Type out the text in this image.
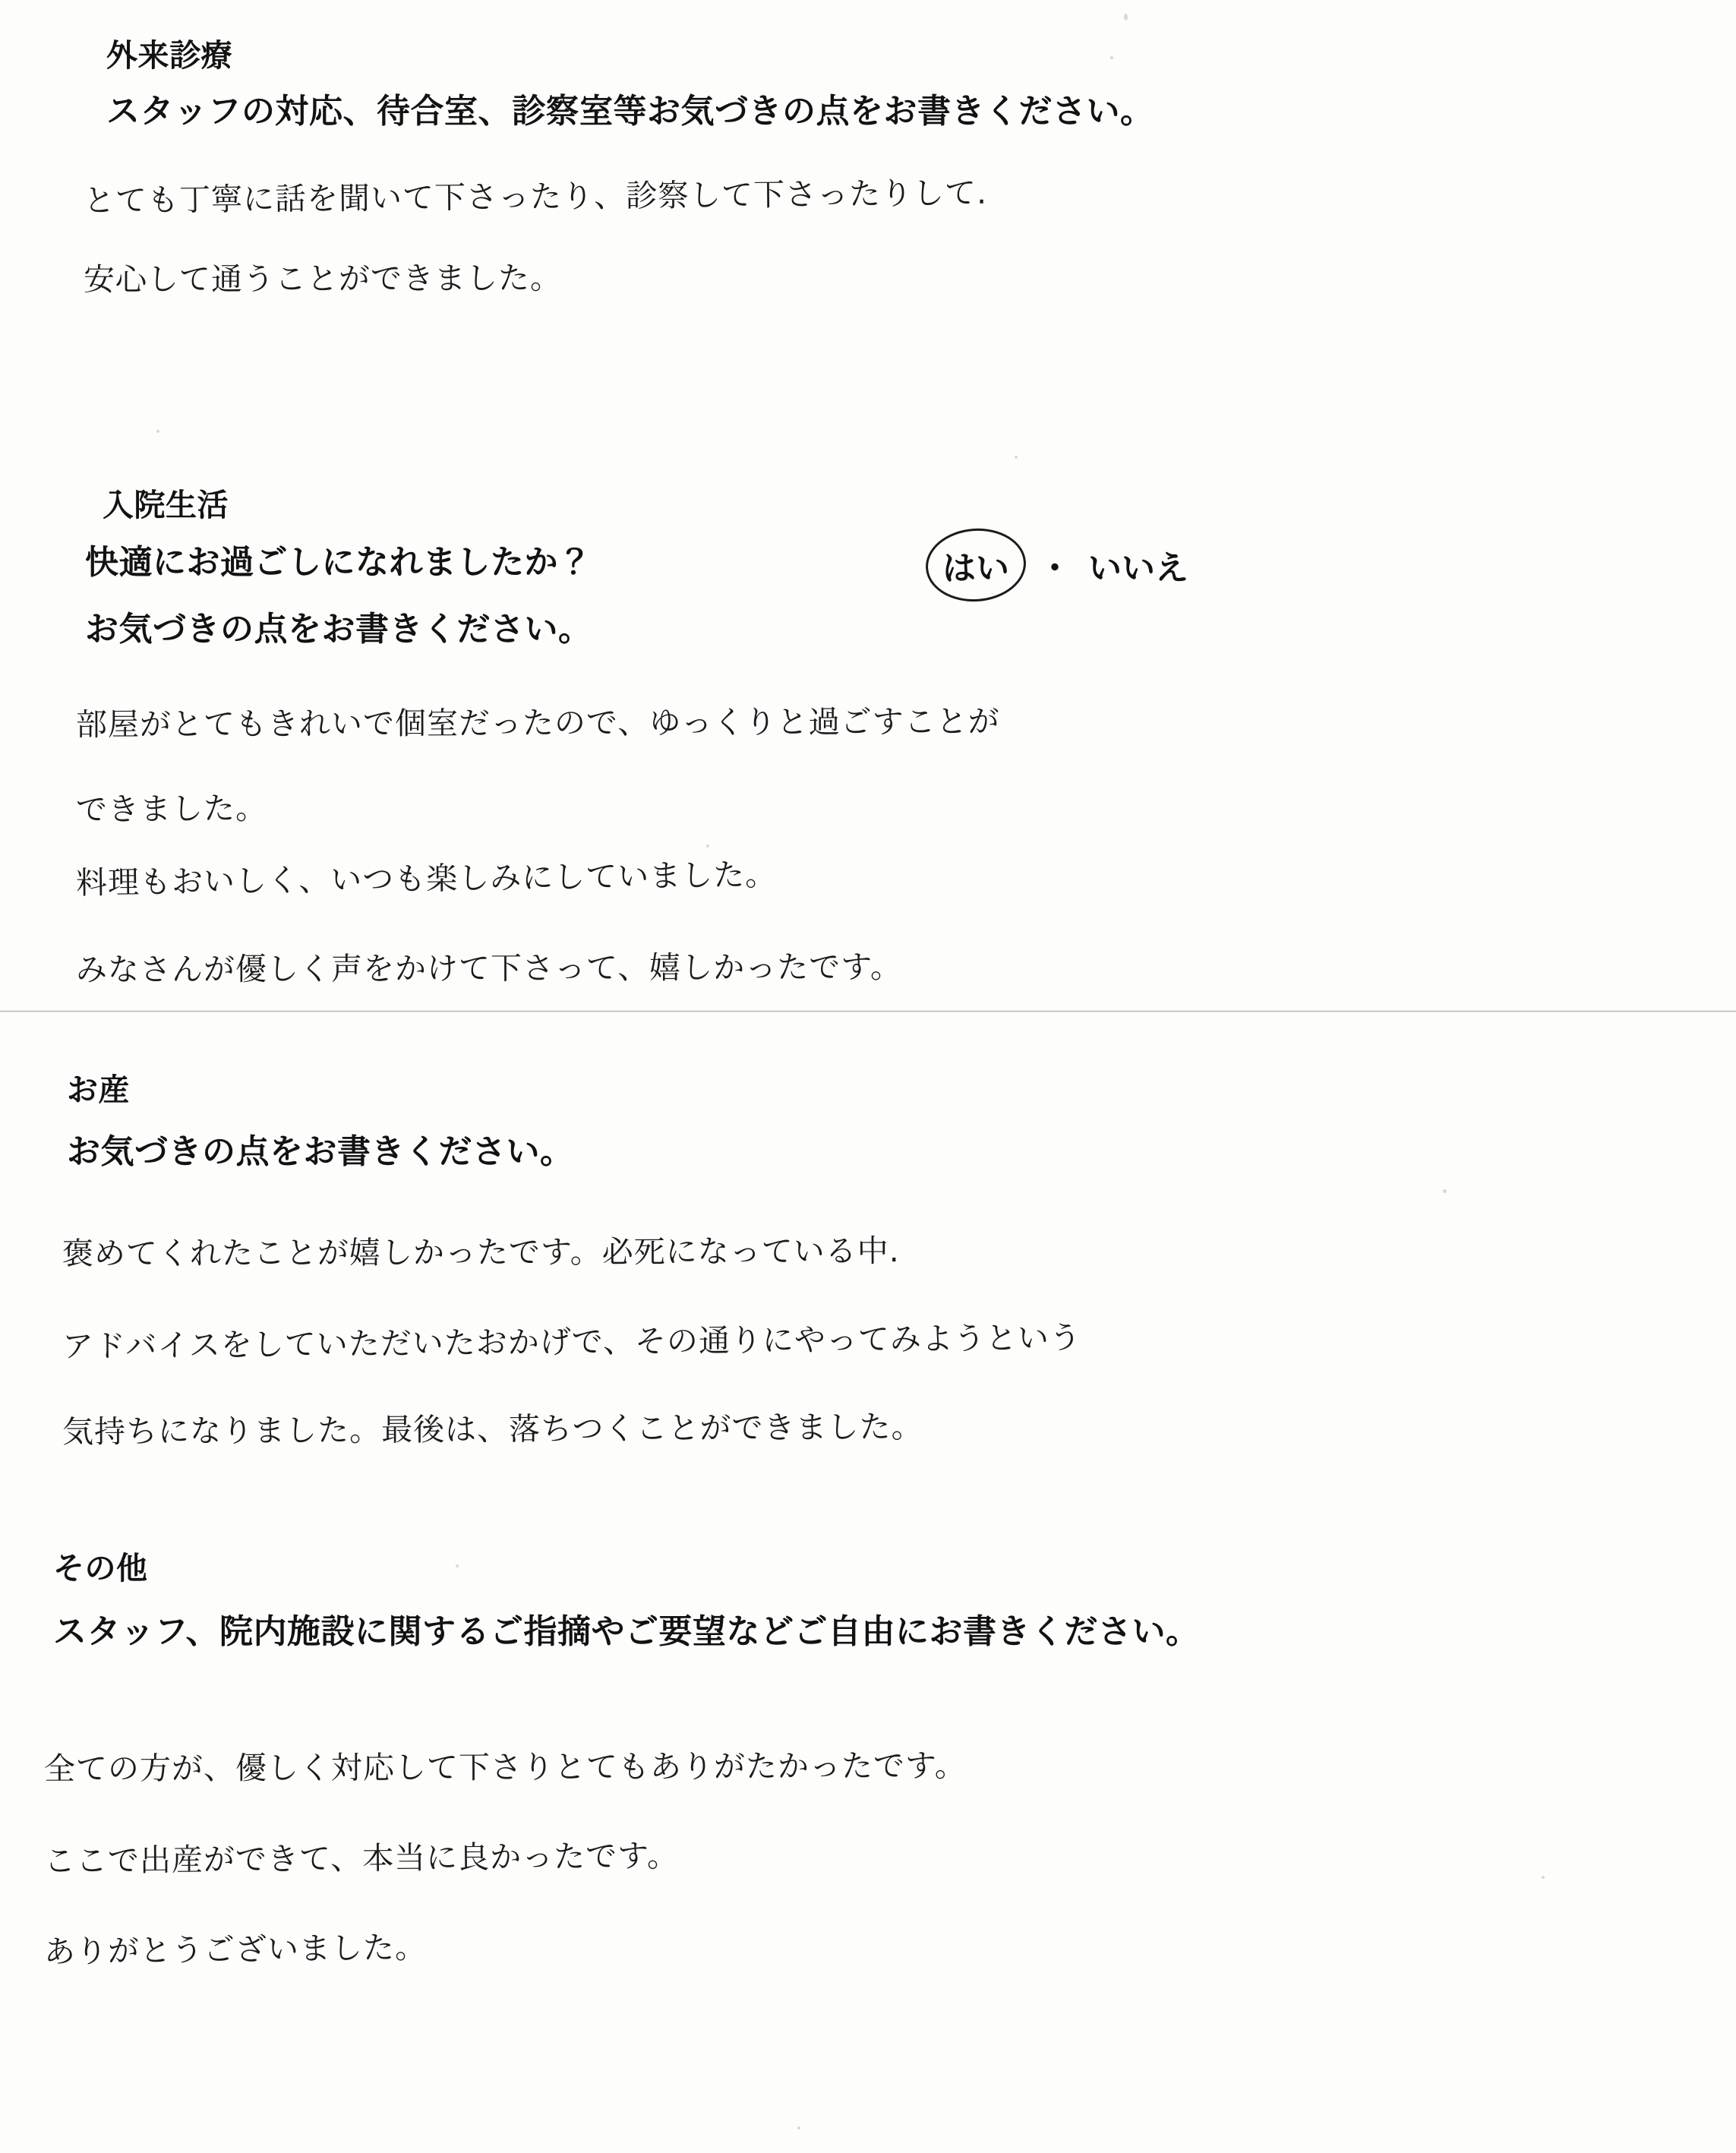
外来診療
スタッフの対応、待合室、診察室等お気づきの点をお書きください。
とても丁寧に話を聞いて下さったり、診察して下さったりして.
安心して通うことができました。
入院生活
快適にお過ごしになれましたか？	はい ・ いいえ
お気づきの点をお書きください。
部屋がとてもきれいで個室だったので、ゆっくりと過ごすことが
できました。
料理もおいしく、いつも楽しみにしていました。
みなさんが優しく声をかけて下さって、嬉しかったです。
お産
お気づきの点をお書きください。
褒めてくれたことが嬉しかったです。必死になっている中.
アドバイスをしていただいたおかげで、その通りにやってみようという
気持ちになりました。最後は、落ちつくことができました。
その他
スタッフ、院内施設に関するご指摘やご要望などご自由にお書きください。
全ての方が、優しく対応して下さりとてもありがたかったです。
ここで出産ができて、本当に良かったです。
ありがとうございました。
